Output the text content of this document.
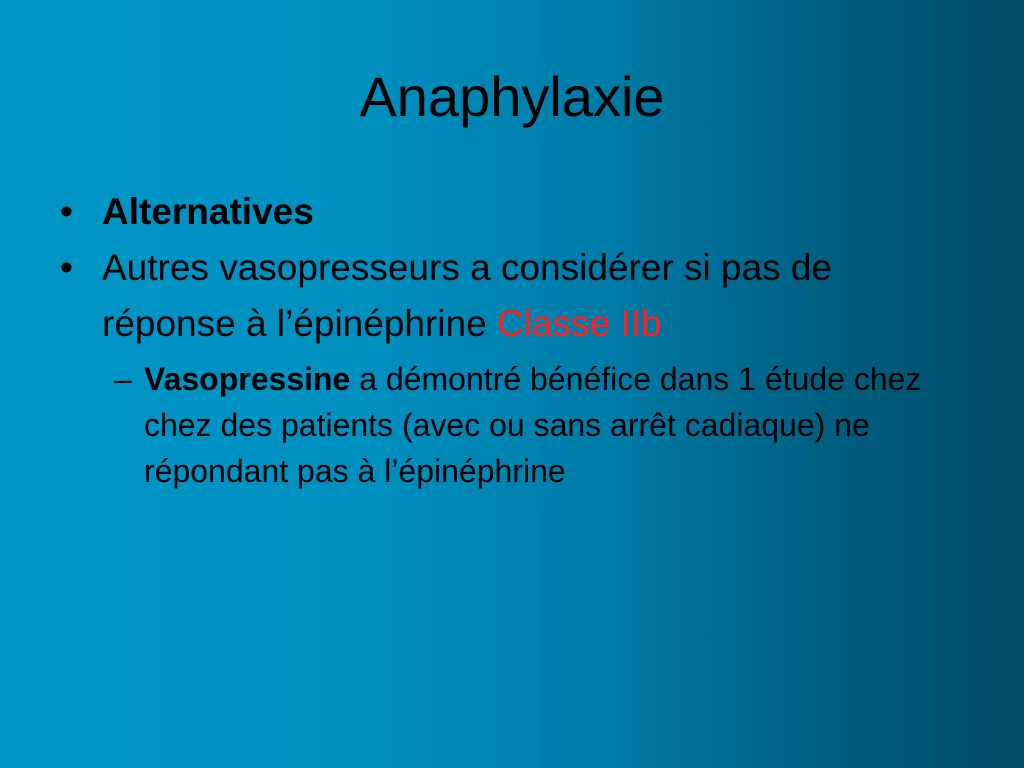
Anaphylaxie
• Alternatives
• Autres vasopresseurs a considérer si pas de réponse à l’épinéphrine Classe IIb
– Vasopressine a démontré bénéfice dans 1 étude chez chez des patients (avec ou sans arrêt cadiaque) ne répondant pas à l’épinéphrine
